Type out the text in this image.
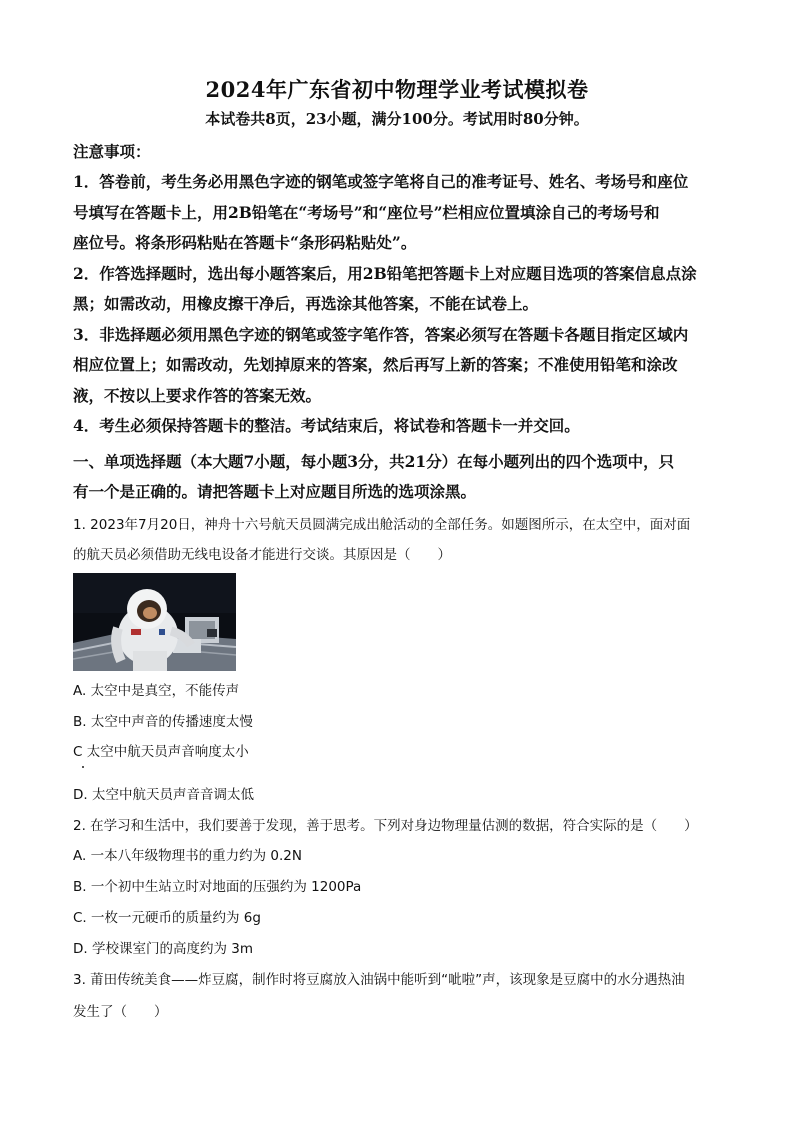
2024年广东省初中物理学业考试模拟卷
本试卷共8页，23小题，满分100分。考试用时80分钟。
注意事项：
1．答卷前，考生务必用黑色字迹的钢笔或签字笔将自己的准考证号、姓名、考场号和座位
号填写在答题卡上，用2B铅笔在“考场号”和“座位号”栏相应位置填涂自己的考场号和
座位号。将条形码粘贴在答题卡“条形码粘贴处”。
2．作答选择题时，选出每小题答案后，用2B铅笔把答题卡上对应题目选项的答案信息点涂
黑；如需改动，用橡皮擦干净后，再选涂其他答案，不能在试卷上。
3．非选择题必须用黑色字迹的钢笔或签字笔作答，答案必须写在答题卡各题目指定区域内
相应位置上；如需改动，先划掉原来的答案，然后再写上新的答案；不准使用铅笔和涂改
液，不按以上要求作答的答案无效。
4．考生必须保持答题卡的整洁。考试结束后，将试卷和答题卡一并交回。
一、单项选择题（本大题7小题，每小题3分，共21分）在每小题列出的四个选项中，只
有一个是正确的。请把答题卡上对应题目所选的选项涂黑。
1. 2023年7月20日，神舟十六号航天员圆满完成出舱活动的全部任务。如题图所示，在太空中，面对面
的航天员必须借助无线电设备才能进行交谈。其原因是（　　）
A. 太空中是真空，不能传声
B. 太空中声音的传播速度太慢
C 太空中航天员声音响度太小
D. 太空中航天员声音音调太低
2. 在学习和生活中，我们要善于发现，善于思考。下列对身边物理量估测的数据，符合实际的是（　　）
A. 一本八年级物理书的重力约为 0.2N
B. 一个初中生站立时对地面的压强约为 1200Pa
C. 一枚一元硬币的质量约为 6g
D. 学校课室门的高度约为 3m
3. 莆田传统美食——炸豆腐，制作时将豆腐放入油锅中能听到“呲啦”声，该现象是豆腐中的水分遇热油
发生了（　　）
